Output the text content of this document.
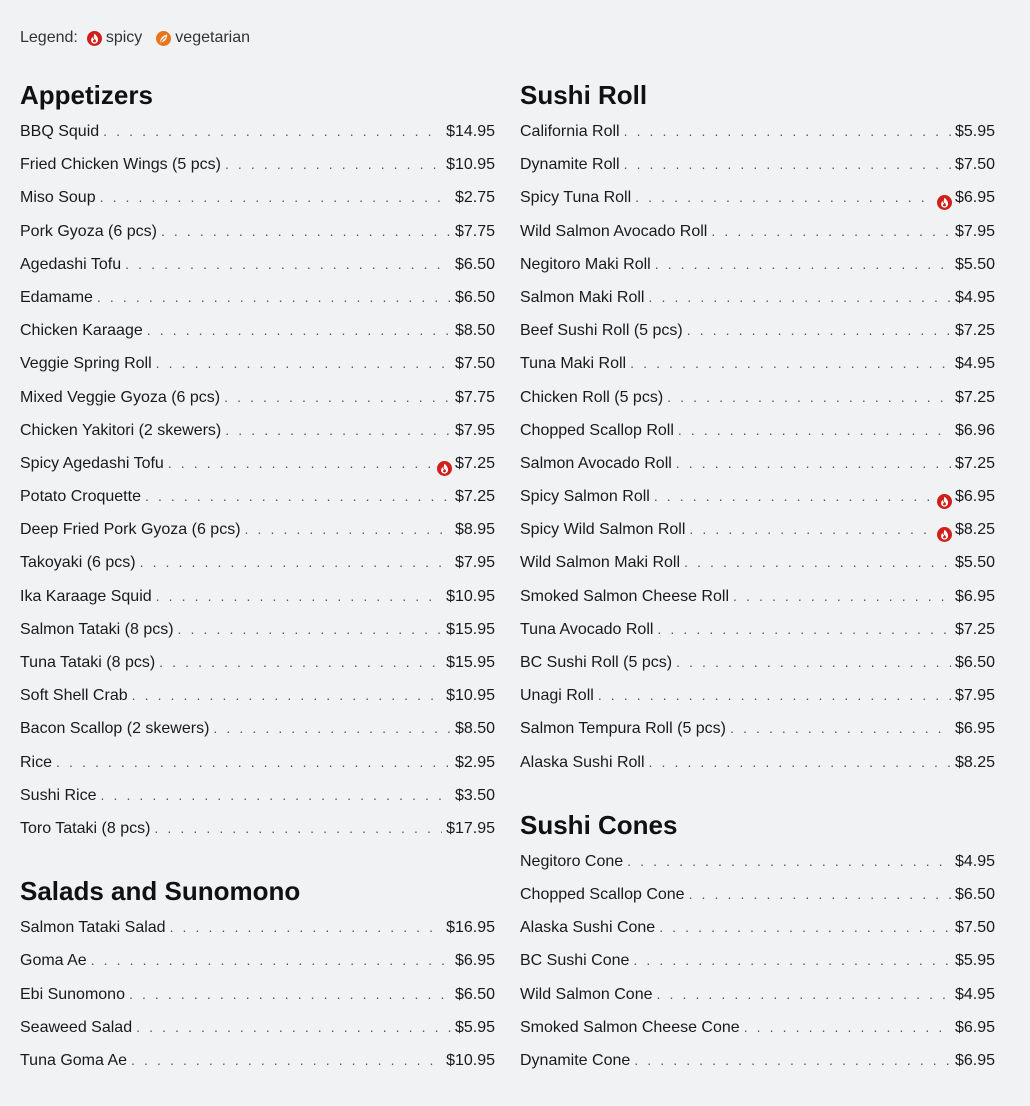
Legend: spicy vegetarian
Appetizers
BBQ Squid . . .	$14.95
Fried Chicken Wings (5 pcs) . . .	$10.95
Miso Soup . . .	$2.75
Pork Gyoza (6 pcs) . . .	$7.75
Agedashi Tofu . . .	$6.50
Edamame . . .	$6.50
Chicken Karaage . . .	$8.50
Veggie Spring Roll . . .	$7.50
Mixed Veggie Gyoza (6 pcs) . . .	$7.75
Chicken Yakitori (2 skewers) . . .	$7.95
Spicy Agedashi Tofu . . .	$7.25
Potato Croquette . . .	$7.25
Deep Fried Pork Gyoza (6 pcs) . . .	$8.95
Takoyaki (6 pcs) . . .	$7.95
Ika Karaage Squid . . .	$10.95
Salmon Tataki (8 pcs) . . .	$15.95
Tuna Tataki (8 pcs) . . .	$15.95
Soft Shell Crab . . .	$10.95
Bacon Scallop (2 skewers) . . .	$8.50
Rice . . .	$2.95
Sushi Rice . . .	$3.50
Toro Tataki (8 pcs) . . .	$17.95
Salads and Sunomono
Salmon Tataki Salad . . .	$16.95
Goma Ae . . .	$6.95
Ebi Sunomono . . .	$6.50
Seaweed Salad . . .	$5.95
Tuna Goma Ae . . .	$10.95
Sushi Roll
California Roll . . .	$5.95
Dynamite Roll . . .	$7.50
Spicy Tuna Roll . . .	$6.95
Wild Salmon Avocado Roll . . .	$7.95
Negitoro Maki Roll . . .	$5.50
Salmon Maki Roll . . .	$4.95
Beef Sushi Roll (5 pcs) . . .	$7.25
Tuna Maki Roll . . .	$4.95
Chicken Roll (5 pcs) . . .	$7.25
Chopped Scallop Roll . . .	$6.96
Salmon Avocado Roll . . .	$7.25
Spicy Salmon Roll . . .	$6.95
Spicy Wild Salmon Roll . . .	$8.25
Wild Salmon Maki Roll . . .	$5.50
Smoked Salmon Cheese Roll . . .	$6.95
Tuna Avocado Roll . . .	$7.25
BC Sushi Roll (5 pcs) . . .	$6.50
Unagi Roll . . .	$7.95
Salmon Tempura Roll (5 pcs) . . .	$6.95
Alaska Sushi Roll . . .	$8.25
Sushi Cones
Negitoro Cone . . .	$4.95
Chopped Scallop Cone . . .	$6.50
Alaska Sushi Cone . . .	$7.50
BC Sushi Cone . . .	$5.95
Wild Salmon Cone . . .	$4.95
Smoked Salmon Cheese Cone . . .	$6.95
Dynamite Cone . . .	$6.95
